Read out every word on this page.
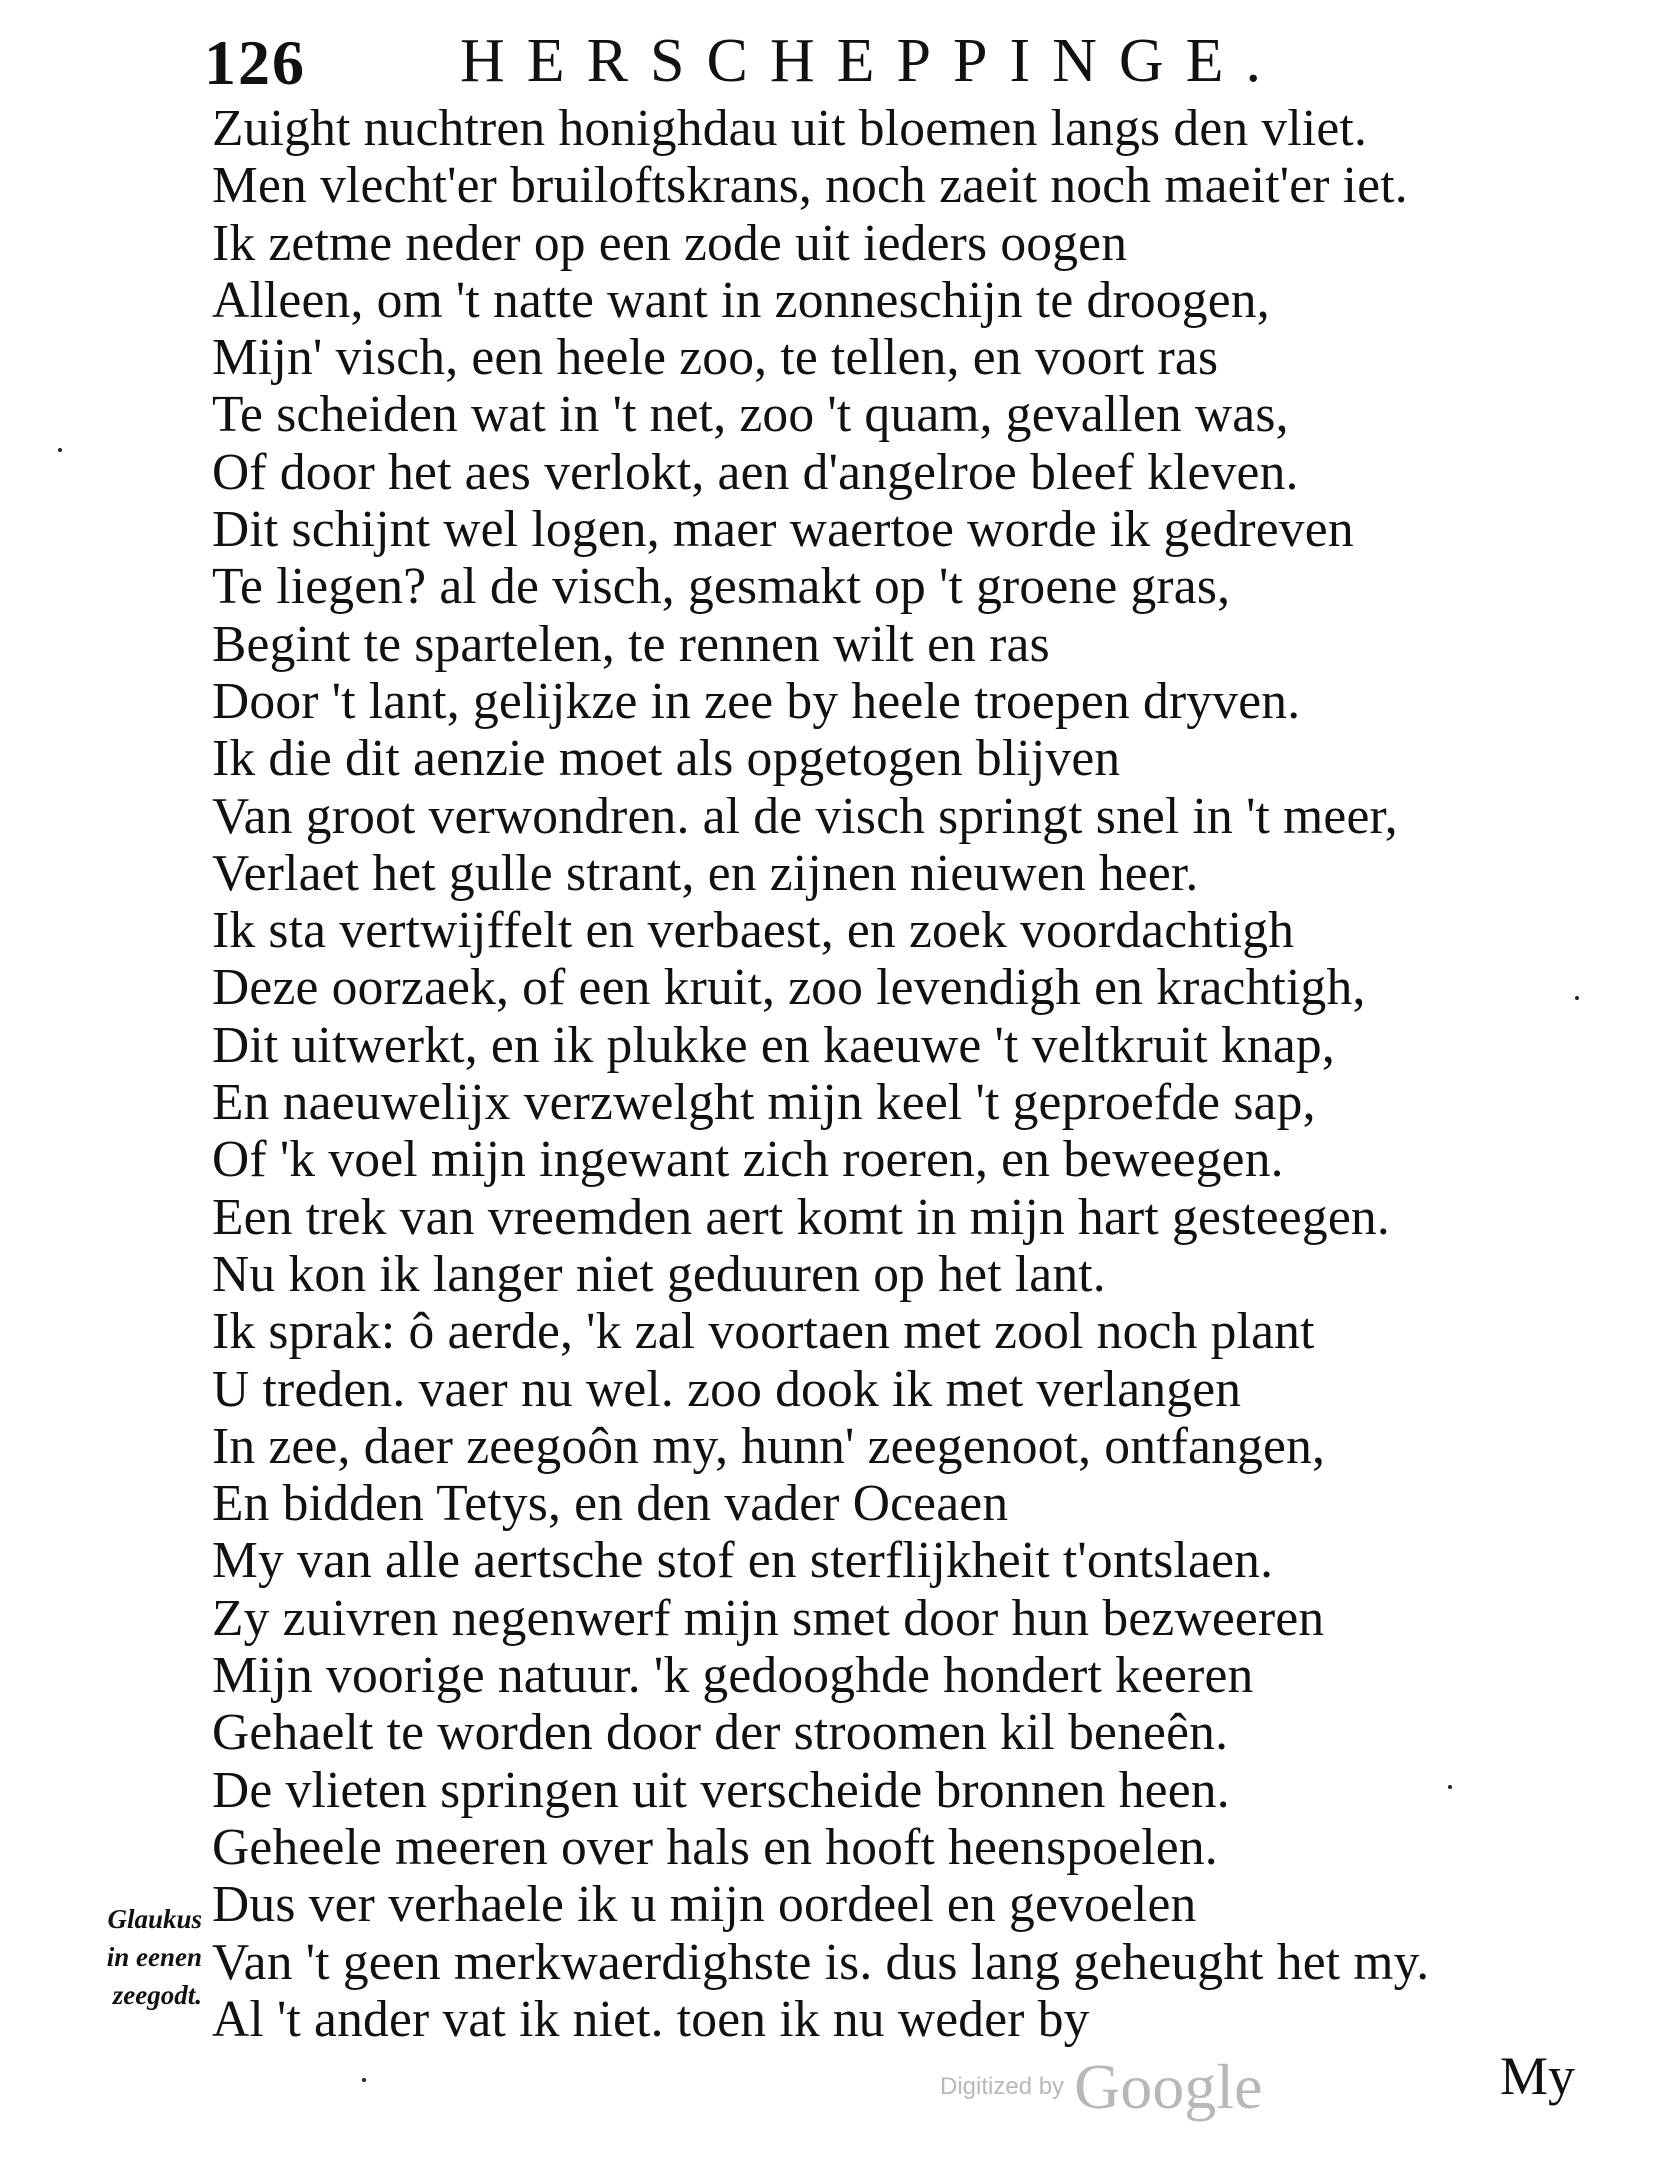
126 HERSCHEPPINGE.
Zuight nuchtren honighdau uit bloemen langs den vliet.
Men vlecht'er bruiloftskrans, noch zaeit noch maeit'er iet.
Ik zetme neder op een zode uit ieders oogen
Alleen, om 't natte want in zonneschijn te droogen,
Mijn' visch, een heele zoo, te tellen, en voort ras
Te scheiden wat in 't net, zoo 't quam, gevallen was,
Of door het aes verlokt, aen d'angelroe bleef kleven.
Dit schijnt wel logen, maer waertoe worde ik gedreven
Te liegen? al de visch, gesmakt op 't groene gras,
Begint te spartelen, te rennen wilt en ras
Door 't lant, gelijkze in zee by heele troepen dryven.
Ik die dit aenzie moet als opgetogen blijven
Van groot verwondren. al de visch springt snel in 't meer,
Verlaet het gulle strant, en zijnen nieuwen heer.
Ik sta vertwijffelt en verbaest, en zoek voordachtigh
Deze oorzaek, of een kruit, zoo levendigh en krachtigh,
Dit uitwerkt, en ik plukke en kaeuwe 't veltkruit knap,
En naeuwelijx verzwelght mijn keel 't geproefde sap,
Of 'k voel mijn ingewant zich roeren, en beweegen.
Een trek van vreemden aert komt in mijn hart gesteegen.
Nu kon ik langer niet geduuren op het lant.
Ik sprak: ô aerde, 'k zal voortaen met zool noch plant
U treden. vaer nu wel. zoo dook ik met verlangen
In zee, daer zeegoôn my, hunn' zeegenoot, ontfangen,
En bidden Tetys, en den vader Oceaen
My van alle aertsche stof en sterflijkheit t'ontslaen.
Zy zuivren negenwerf mijn smet door hun bezweeren
Mijn voorige natuur. 'k gedooghde hondert keeren
Gehaelt te worden door der stroomen kil beneên.
De vlieten springen uit verscheide bronnen heen.
Geheele meeren over hals en hooft heenspoelen.
Dus ver verhaele ik u mijn oordeel en gevoelen
Van 't geen merkwaerdighste is. dus lang geheught het my.
Al 't ander vat ik niet. toen ik nu weder by
Glaukus
in eenen
zeegodt.
My
Digitized by Google
